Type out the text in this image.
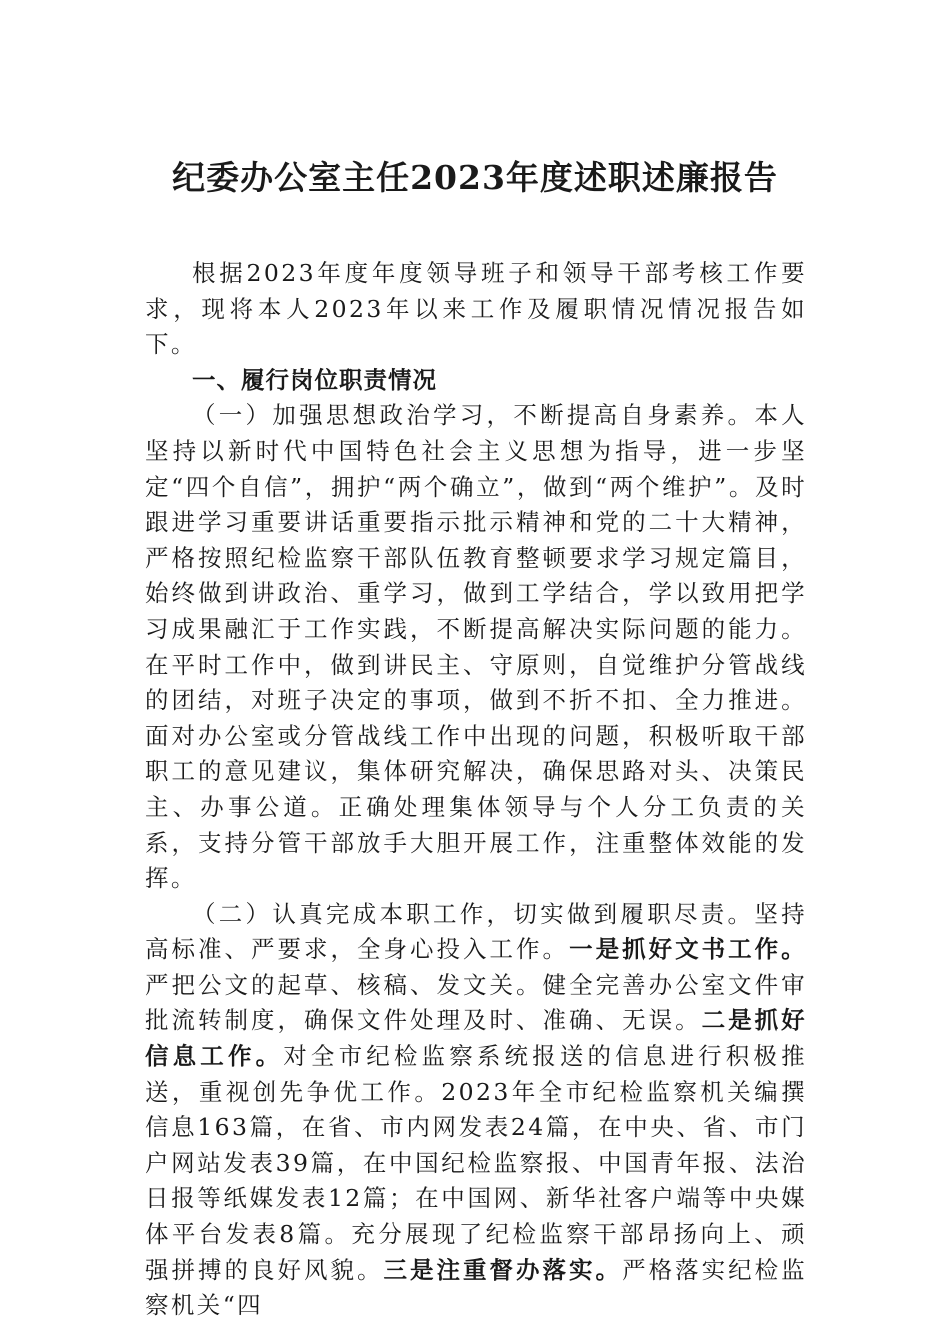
纪委办公室主任2023年度述职述廉报告

根据2023年度年度领导班子和领导干部考核工作要求，现将本人2023年以来工作及履职情况情况报告如下。

一、履行岗位职责情况

（一）加强思想政治学习，不断提高自身素养。本人坚持以新时代中国特色社会主义思想为指导，进一步坚定“四个自信”，拥护“两个确立”，做到“两个维护”。及时跟进学习重要讲话重要指示批示精神和党的二十大精神，严格按照纪检监察干部队伍教育整顿要求学习规定篇目，始终做到讲政治、重学习，做到工学结合，学以致用把学习成果融汇于工作实践，不断提高解决实际问题的能力。在平时工作中，做到讲民主、守原则，自觉维护分管战线的团结，对班子决定的事项，做到不折不扣、全力推进。面对办公室或分管战线工作中出现的问题，积极听取干部职工的意见建议，集体研究解决，确保思路对头、决策民主、办事公道。正确处理集体领导与个人分工负责的关系，支持分管干部放手大胆开展工作，注重整体效能的发挥。

（二）认真完成本职工作，切实做到履职尽责。坚持高标准、严要求，全身心投入工作。一是抓好文书工作。严把公文的起草、核稿、发文关。健全完善办公室文件审批流转制度，确保文件处理及时、准确、无误。二是抓好信息工作。对全市纪检监察系统报送的信息进行积极推送，重视创先争优工作。2023年全市纪检监察机关编撰信息163篇，在省、市内网发表24篇，在中央、省、市门户网站发表39篇，在中国纪检监察报、中国青年报、法治日报等纸媒发表12篇；在中国网、新华社客户端等中央媒体平台发表8篇。充分展现了纪检监察干部昂扬向上、顽强拼搏的良好风貌。三是注重督办落实。严格落实纪检监察机关“四
